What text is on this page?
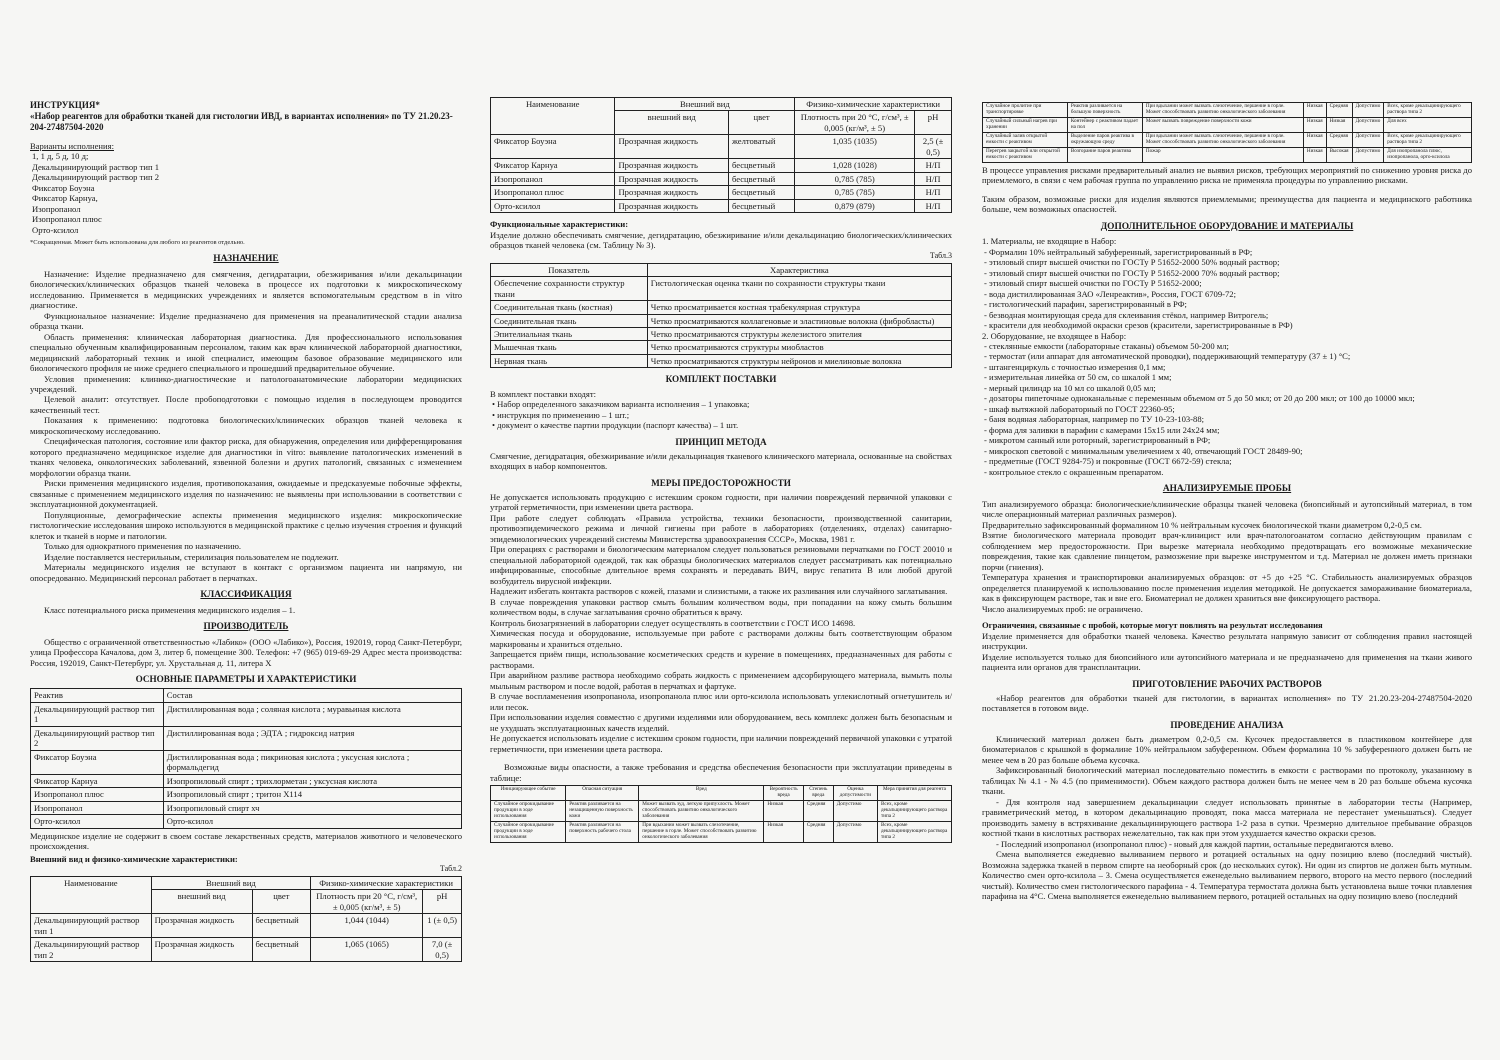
ИНСТРУКЦИЯ*
«Набор реагентов для обработки тканей для гистологии ИВД, в вариантах исполнения» по ТУ 21.20.23-204-27487504-2020
Варианты исполнения:
1, 1 д, 5 д, 10 д;
Декальцинирующий раствор тип 1
Декальцинирующий раствор тип 2
Фиксатор Боуэна
Фиксатор Карнуа,
Изопропанол
Изопропанол плюс
Орто-ксилол
*Сокращенная. Может быть использована для любого из реагентов отдельно.
НАЗНАЧЕНИЕ

Назначение: Изделие предназначено для смягчения, дегидратации, обезжиривания и/или декальцинации биологических/клинических образцов тканей человека в процессе их подготовки к микроскопическому исследованию. Применяется в медицинских учреждениях и является вспомогательным средством в in vitro диагностике.

Функциональное назначение: Изделие предназначено для применения на преаналитической стадии анализа образца ткани.

Область применения: клиническая лабораторная диагностика. Для профессионального использования специально обученным квалифицированным персоналом, таким как врач клинической лабораторной диагностики, медицинский лабораторный техник и иной специалист, имеющим базовое образование медицинского или биологического профиля не ниже среднего специального и прошедший предварительное обучение.

Условия применения: клинико-диагностические и патологоанатомические лаборатории медицинских учреждений.

Целевой аналит: отсутствует. После пробоподготовки с помощью изделия в последующем проводится качественный тест.

Показания к применению: подготовка биологических/клинических образцов тканей человека к микроскопическому исследованию.

Специфическая патология, состояние или фактор риска, для обнаружения, определения или дифференцирования которого предназначено медицинское изделие для диагностики in vitro: выявление патологических изменений в тканях человека, онкологических заболеваний, язвенной болезни и других патологий, связанных с изменением морфологии образца ткани.

Риски применения медицинского изделия, противопоказания, ожидаемые и предсказуемые побочные эффекты, связанные с применением медицинского изделия по назначению: не выявлены при использовании в соответствии с эксплуатационной документацией.

Популяционные, демографические аспекты применения медицинского изделия: микроскопические гистологические исследования широко используются в медицинской практике с целью изучения строения и функций клеток и тканей в норме и патологии.

Только для однократного применения по назначению.

Изделие поставляется нестерильным, стерилизация пользователем не подлежит.

Материалы медицинского изделия не вступают в контакт с организмом пациента ни напрямую, ни опосредованно. Медицинский персонал работает в перчатках.

КЛАССИФИКАЦИЯ

Класс потенциального риска применения медицинского изделия – 1.

ПРОИЗВОДИТЕЛЬ

Общество с ограниченной ответственностью «Лабико» (ООО «Лабико»), Россия, 192019, город Санкт-Петербург, улица Профессора Качалова, дом 3, литер б, помещение 300. Телефон: +7 (965) 019-69-29 Адрес места производства: Россия, 192019, Санкт-Петербург, ул. Хрустальная д. 11, литера Х

ОСНОВНЫЕ ПАРАМЕТРЫ И ХАРАКТЕРИСТИКИ
Реактив	Состав
Декальцинирующий раствор тип 1	Дистиллированная вода ; соляная кислота ; муравьиная кислота
Декальцинирующий раствор тип 2	Дистиллированная вода ; ЭДТА ; гидроксид натрия
Фиксатор Боуэна	Дистиллированная вода ; пикриновая кислота ; уксусная кислота ; формальдегид
Фиксатор Карнуа	Изопропиловый спирт ; трихлорметан ; уксусная кислота
Изопропанол плюс	Изопропиловый спирт ; тритон Х114
Изопропанол	Изопропиловый спирт хч
Орто-ксилол	Орто-ксилол

Медицинское изделие не содержит в своем составе лекарственных средств, материалов животного и человеческого происхождения.

Внешний вид и физико-химические характеристики:
Табл.2
Наименование	Внешний вид		Физико-химические характеристики	
	внешний вид	цвет	Плотность при 20 °С, г/см³, ± 0,005 (кг/м³, ± 5)	pH
Декальцинирующий раствор тип 1	Прозрачная жидкость	бесцветный	1,044 (1044)	1 (± 0,5)
Декальцинирующий раствор тип 2	Прозрачная жидкость	бесцветный	1,065 (1065)	7,0 (± 0,5)
Наименование	Внешний вид		Физико-химические характеристики	
	внешний вид	цвет	Плотность при 20 °С, г/см³, ± 0,005 (кг/м³, ± 5)	pH
Фиксатор Боуэна	Прозрачная жидкость	желтоватый	1,035 (1035)	2,5 (± 0,5)
Фиксатор Карнуа	Прозрачная жидкость	бесцветный	1,028 (1028)	Н/П
Изопропанол	Прозрачная жидкость	бесцветный	0,785 (785)	Н/П
Изопропанол плюс	Прозрачная жидкость	бесцветный	0,785 (785)	Н/П
Орто-ксилол	Прозрачная жидкость	бесцветный	0,879 (879)	Н/П
Функциональные характеристики:

Изделие должно обеспечивать смягчение, дегидратацию, обезжиривание и/или декальцинацию биологических/клинических образцов тканей человека (см. Таблицу № 3).

Табл.3
Показатель	Характеристика
Обеспечение сохранности структур ткани	Гистологическая оценка ткани по сохранности структуры ткани
Соединительная ткань (костная)	Четко просматривается костная трабекулярная структура
Соединительная ткань	Четко просматриваются коллагеновые и эластиновые волокна (фибробласты)
Эпителиальная ткань	Четко просматриваются структуры железистого эпителия
Мышечная ткань	Четко просматриваются структуры миобластов
Нервная ткань	Четко просматриваются структуры нейронов и миелиновые волокна
КОМПЛЕКТ ПОСТАВКИ
В комплект поставки входят:
• Набор определенного заказчиком варианта исполнения – 1 упаковка;
• инструкция по применению – 1 шт.;
• документ о качестве партии продукции (паспорт качества) – 1 шт.
ПРИНЦИП МЕТОДА

Смягчение, дегидратация, обезжиривание и/или декальцинация тканевого клинического материала, основанные на свойствах входящих в набор компонентов.

МЕРЫ ПРЕДОСТОРОЖНОСТИ

Не допускается использовать продукцию с истекшим сроком годности, при наличии повреждений первичной упаковки с утратой герметичности, при изменении цвета раствора.

При работе следует соблюдать «Правила устройства, техники безопасности, производственной санитарии, противоэпидемического режима и личной гигиены при работе в лабораториях (отделениях, отделах) санитарно-эпидемиологических учреждений системы Министерства здравоохранения СССР», Москва, 1981 г.

При операциях с растворами и биологическим материалом следует пользоваться резиновыми перчатками по ГОСТ 20010 и специальной лабораторной одеждой, так как образцы биологических материалов следует рассматривать как потенциально инфицированные, способные длительное время сохранять и передавать ВИЧ, вирус гепатита В или любой другой возбудитель вирусной инфекции.

Надлежит избегать контакта растворов с кожей, глазами и слизистыми, а также их разливания или случайного заглатывания.

В случае повреждения упаковки раствор смыть большим количеством воды, при попадании на кожу смыть большим количеством воды, в случае заглатывания срочно обратиться к врачу.

Контроль биозагрязнений в лаборатории следует осуществлять в соответствии с ГОСТ ИСО 14698.

Химическая посуда и оборудование, используемые при работе с растворами должны быть соответствующим образом маркированы и храниться отдельно.

Запрещается приём пищи, использование косметических средств и курение в помещениях, предназначенных для работы с растворами.

При аварийном разливе раствора необходимо собрать жидкость с применением адсорбирующего материала, вымыть полы мыльным раствором и после водой, работая в перчатках и фартуке.

В случае воспламенения изопропанола, изопропанола плюс или орто-ксилола использовать углекислотный огнетушитель и/или песок.

При использовании изделия совместно с другими изделиями или оборудованием, весь комплекс должен быть безопасным и не ухудшать эксплуатационных качеств изделий.

Не допускается использовать изделие с истекшим сроком годности, при наличии повреждений первичной упаковки с утратой герметичности, при изменении цвета раствора.

Возможные виды опасности, а также требования и средства обеспечения безопасности при эксплуатации приведены в таблице:

Инициирующее событие	Опасная ситуация	Вред	Вероятность вреда	Степень вреда	Оценка допустимости	Мера принятия для реагента
Случайное опрокидывание продукции в ходе использования	Реактив разливается на незащищенную поверхность кожи	Может вызвать зуд, легкую припухлость. Может способствовать развитию онкологического заболевания	Низкая	Средняя	Допустимо	Всех, кроме декальцинирующего раствора типа 2
Случайное опрокидывание продукции в ходе использования	Реактив разливается на поверхность рабочего стола	При вдыхании может вызвать слезотечение, першение в горле. Может способствовать развитию онкологического заболевания	Низкая	Средняя	Допустимо	Всех, кроме декальцинирующего раствора типа 2
Случайное пролитие при транспортировке	Реактив разливается на большую поверхность	При вдыхании может вызвать слезотечение, першение в горле. Может способствовать развитию онкологического заболевания	Низкая	Средняя	Допустимо	Всех, кроме декальцинирующего раствора типа 2
Случайный сильный нагрев при хранении	Контейнер с реактивом падает на пол	Может вызвать повреждение поверхности кожи	Низкая	Низкая	Допустимо	Для всех
Случайный залив открытой емкости с реактивом	Выделение паров реактива в окружающую среду	При вдыхании может вызвать слезотечение, першение в горле. Может способствовать развитию онкологического заболевания	Низкая	Средняя	Допустимо	Всех, кроме декальцинирующего раствора типа 2
Перегрев закрытой или открытой емкости с реактивом	Возгорание паров реактива	Пожар	Низкая	Высокая	Допустимо	Для изопропанола плюс, изопропанола, орто-ксилола

В процессе управления рисками предварительный анализ не выявил рисков, требующих мероприятий по снижению уровня риска до приемлемого, в связи с чем рабочая группа по управлению риска не применяла процедуры по управлению рисками.

Таким образом, возможные риски для изделия являются приемлемыми; преимущества для пациента и медицинского работника больше, чем возможных опасностей.

ДОПОЛНИТЕЛЬНОЕ ОБОРУДОВАНИЕ И МАТЕРИАЛЫ
1. Материалы, не входящие в Набор:
- Формалин 10% нейтральный забуференный, зарегистрированный в РФ;
- этиловый спирт высшей очистки по ГОСТу Р 51652-2000 50% водный раствор;
- этиловый спирт высшей очистки по ГОСТу Р 51652-2000 70% водный раствор;
- этиловый спирт высшей очистки по ГОСТу Р 51652-2000;
- вода дистиллированная ЗАО «Ленреактив», Россия, ГОСТ 6709-72;
- гистологический парафин, зарегистрированный в РФ;
- безводная монтирующая среда для склеивания стёкол, например Витрогель;
- красители для необходимой окраски срезов (красители, зарегистрированные в РФ)
2. Оборудование, не входящее в Набор:
- стеклянные емкости (лабораторные стаканы) объемом 50-200 мл;
- термостат (или аппарат для автоматической проводки), поддерживающий температуру (37 ± 1) °С;
- штангенциркуль с точностью измерения 0,1 мм;
- измерительная линейка от 50 см, со шкалой 1 мм;
- мерный цилиндр на 10 мл со шкалой 0,05 мл;
- дозаторы пипеточные одноканальные с переменным объемом от 5 до 50 мкл; от 20 до 200 мкл; от 100 до 10000 мкл;
- шкаф вытяжной лабораторный по ГОСТ 22360-95;
- баня водяная лабораторная, например по ТУ 10-23-103-88;
- форма для заливки в парафин с камерами 15х15 или 24х24 мм;
- микротом санный или роторный, зарегистрированный в РФ;
- микроскоп световой с минимальным увеличением х 40, отвечающий ГОСТ 28489-90;
- предметные (ГОСТ 9284-75) и покровные (ГОСТ 6672-59) стекла;
- контрольное стекло с окрашенным препаратом.
АНАЛИЗИРУЕМЫЕ ПРОБЫ

Тип анализируемого образца: биологические/клинические образцы тканей человека (биопсийный и аутопсийный материал, в том числе операционный материал различных размеров).

Предварительно зафиксированный формалином 10 % нейтральным кусочек биологической ткани диаметром 0,2-0,5 см.

Взятие биологического материала проводит врач-клиницист или врач-патологоанатом согласно действующим правилам с соблюдением мер предосторожности. При вырезке материала необходимо предотвращать его возможные механические повреждения, такие как сдавление пинцетом, размозжение при вырезке инструментом и т.д. Материал не должен иметь признаки порчи (гниения).

Температура хранения и транспортировки анализируемых образцов: от +5 до +25 °С. Стабильность анализируемых образцов определяется планируемой к использованию после применения изделия методикой. Не допускается замораживание биоматериала, как в фиксирующем растворе, так и вне его. Биоматериал не должен храниться вне фиксирующего раствора.

Число анализируемых проб: не ограничено.

Ограничения, связанные с пробой, которые могут повлиять на результат исследования

Изделие применяется для обработки тканей человека. Качество результата напрямую зависит от соблюдения правил настоящей инструкции.

Изделие используется только для биопсийного или аутопсийного материала и не предназначено для применения на ткани живого пациента или органов для трансплантации.

ПРИГОТОВЛЕНИЕ РАБОЧИХ РАСТВОРОВ

«Набор реагентов для обработки тканей для гистологии, в вариантах исполнения» по ТУ 21.20.23-204-27487504-2020 поставляется в готовом виде.

ПРОВЕДЕНИЕ АНАЛИЗА

Клинический материал должен быть диаметром 0,2-0,5 см. Кусочек предоставляется в пластиковом контейнере для биоматериалов с крышкой в формалине 10% нейтральном забуференном. Объем формалина 10 % забуференного должен быть не менее чем в 20 раз больше объема кусочка.

Зафиксированный биологический материал последовательно поместить в емкости с растворами по протоколу, указанному в таблицах № 4.1 - № 4.5 (по применимости). Объем каждого раствора должен быть не менее чем в 20 раз больше объема кусочка ткани.

- Для контроля над завершением декальцинации следует использовать принятые в лаборатории тесты (Например, гравиметрический метод, в котором декальцинацию проводят, пока масса материала не перестанет уменьшаться). Следует производить замену в встряхивание декальцинирующего раствора 1-2 раза в сутки. Чрезмерно длительное пребывание образцов костной ткани в кислотных растворах нежелательно, так как при этом ухудшается качество окраски срезов.

- Последний изопропанол (изопропанол плюс) - новый для каждой партии, остальные передвигаются влево.

Смена выполняется ежедневно выливанием первого и ротацией остальных на одну позицию влево (последний чистый). Возможна задержка тканей в первом спирте на необорный срок (до нескольких суток). Ни один из спиртов не должен быть мутным. Количество смен орто-ксилола – 3. Смена осуществляется еженедельно выливанием первого, второго на место первого (последний чистый). Количество смен гистологического парафина - 4. Температура термостата должна быть установлена выше точки плавления парафина на 4°С. Смена выполняется еженедельно выливанием первого, ротацией остальных на одну позицию влево (последний
